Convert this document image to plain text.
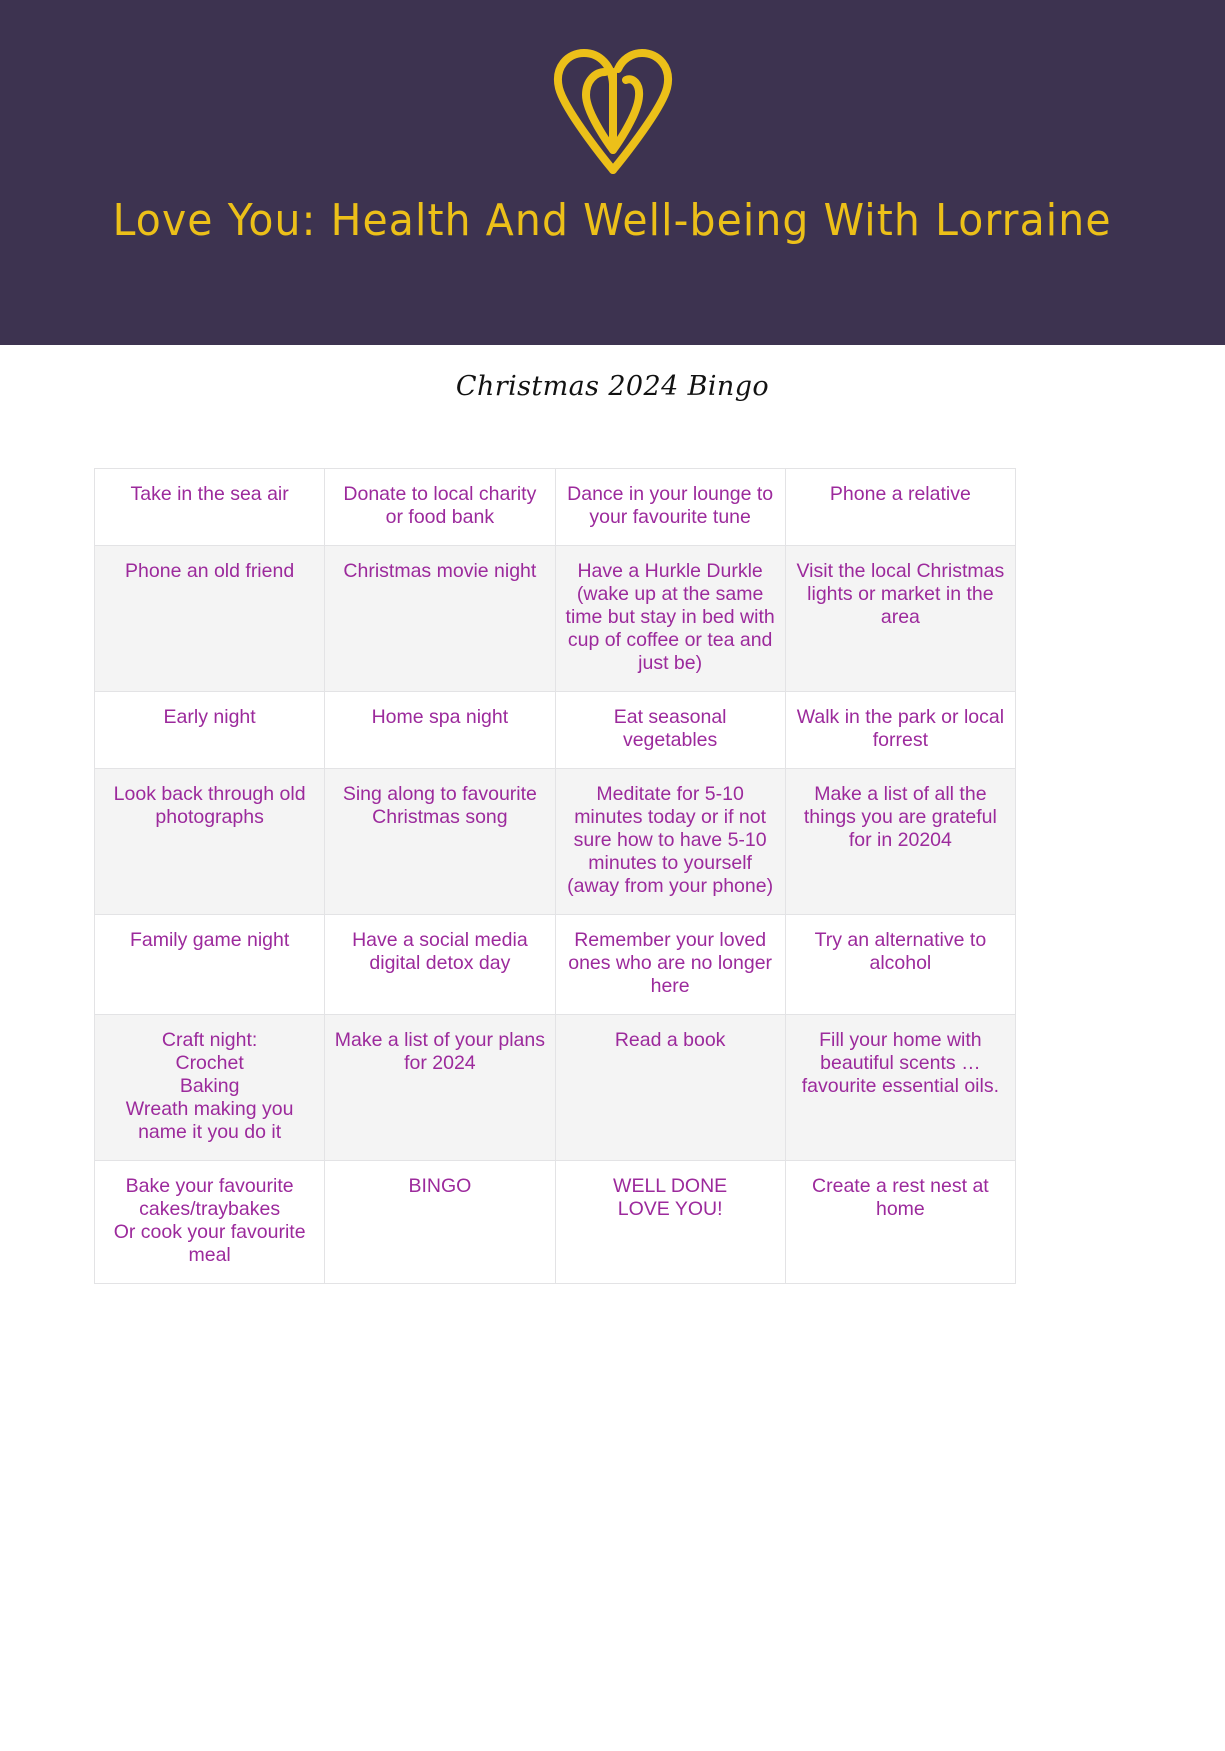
Love You: Health And Well-being With Lorraine
Christmas 2024 Bingo
Take in the sea air	Donate to local charity
or food bank	Dance in your lounge to
your favourite tune	Phone a relative

Phone an old friend	Christmas movie night	Have a Hurkle Durkle
(wake up at the same
time but stay in bed with
cup of coffee or tea and
just be)	Visit the local Christmas
lights or market in the
area

Early night	Home spa night	Eat seasonal vegetables	Walk in the park or local
forrest

Look back through old
photographs	Sing along to favourite
Christmas song	Meditate for 5-10
minutes today or if not
sure how to have 5-10
minutes to yourself
(away from your phone)	Make a list of all the
things you are grateful
for in 20204

Family game night	Have a social media
digital detox day	Remember your loved
ones who are no longer
here	Try an alternative to
alcohol

Craft night:
Crochet
Baking
Wreath making you
name it you do it	Make a list of your plans
for 2024	Read a book	Fill your home with
beautiful scents …
favourite essential oils.

Bake your favourite
cakes/traybakes
Or cook your favourite
meal	BINGO	WELL DONE
LOVE YOU!	Create a rest nest at
home
